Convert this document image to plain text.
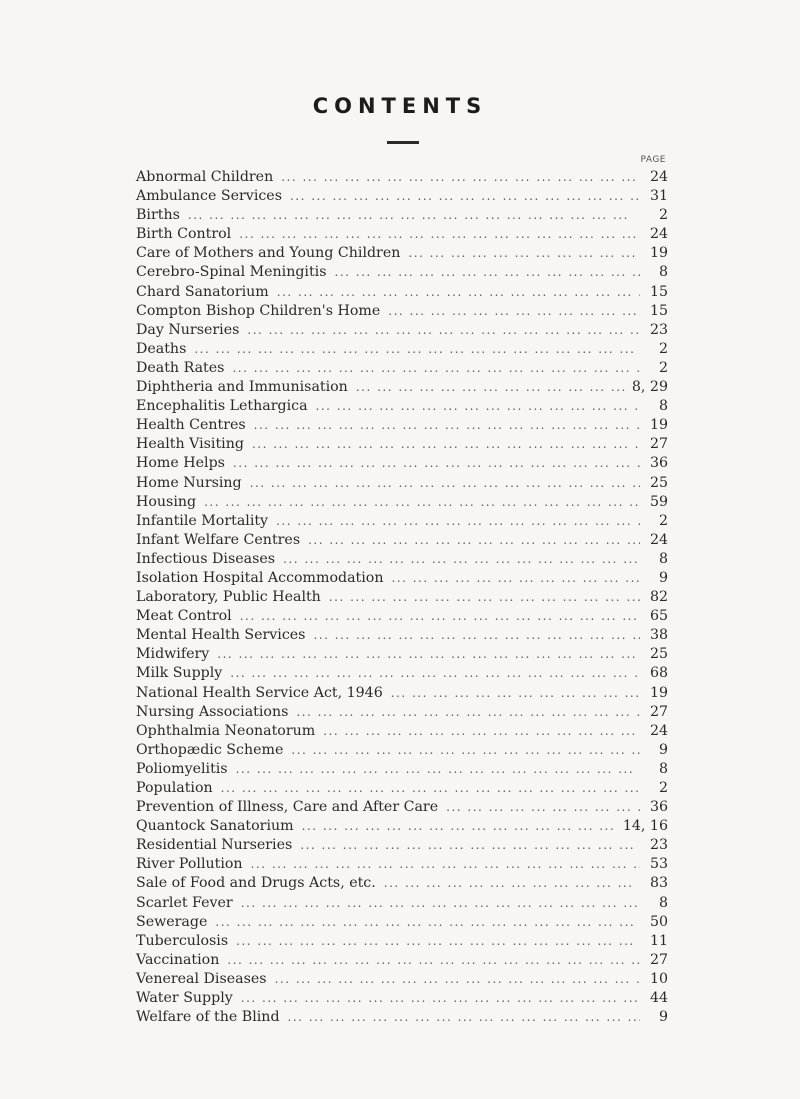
CONTENTS
PAGE
Abnormal Children ... .	24
Ambulance Services ... .	31
Births ... .	2
Birth Control ... .	24
Care of Mothers and Young Children ... .	19
Cerebro-Spinal Meningitis ... .	8
Chard Sanatorium ... .	15
Compton Bishop Children's Home ... .	15
Day Nurseries ... .	23
Deaths ... .	2
Death Rates ... .	2
Diphtheria and Immunisation ... .	8, 29
Encephalitis Lethargica ... .	8
Health Centres ... .	19
Health Visiting ... .	27
Home Helps ... .	36
Home Nursing ... .	25
Housing ... .	59
Infantile Mortality ... .	2
Infant Welfare Centres ... .	24
Infectious Diseases ... .	8
Isolation Hospital Accommodation ... .	9
Laboratory, Public Health ... .	82
Meat Control ... .	65
Mental Health Services ... .	38
Midwifery ... .	25
Milk Supply ... .	68
National Health Service Act, 1946 ... .	19
Nursing Associations ... .	27
Ophthalmia Neonatorum ... .	24
Orthopædic Scheme ... .	9
Poliomyelitis ... .	8
Population ... .	2
Prevention of Illness, Care and After Care ... .	36
Quantock Sanatorium ... .	14, 16
Residential Nurseries ... .	23
River Pollution ... .	53
Sale of Food and Drugs Acts, etc. ... .	83
Scarlet Fever ... .	8
Sewerage ... .	50
Tuberculosis ... .	11
Vaccination ... .	27
Venereal Diseases ... .	10
Water Supply ... .	44
Welfare of the Blind ... .	9
